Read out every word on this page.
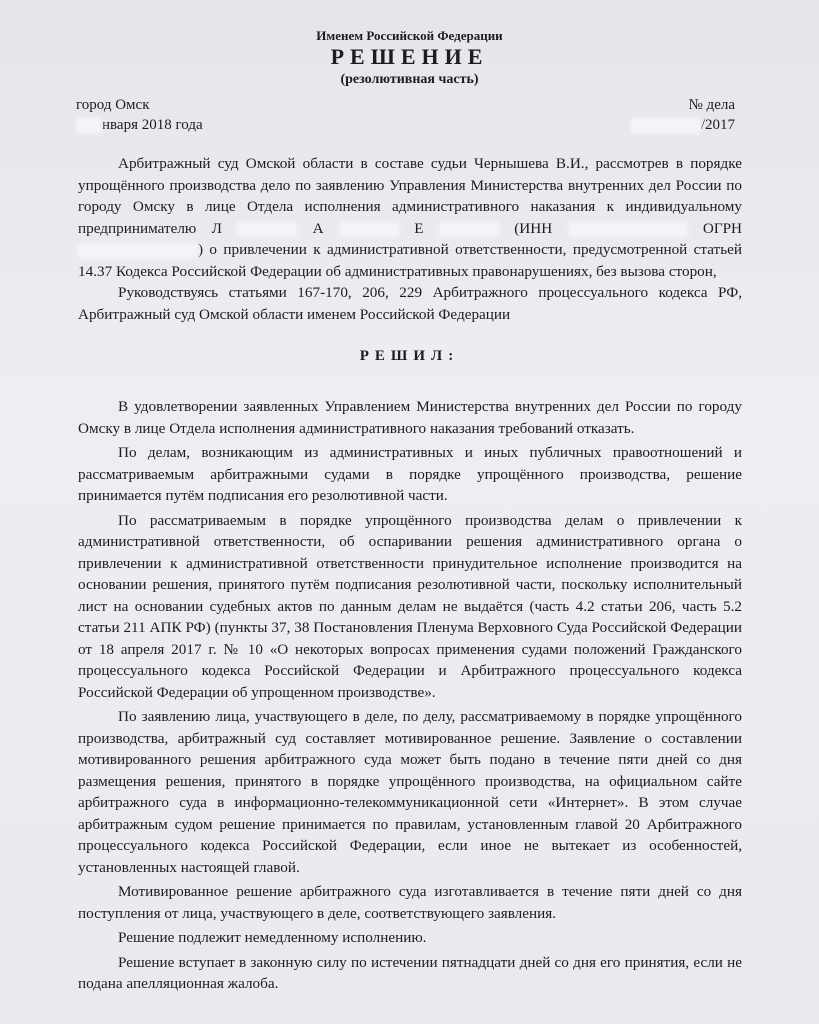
Именем Российской Федерации
РЕШЕНИЕ
(резолютивная часть)
город Омск
нваря 2018 года
№ дела
/2017

Арбитражный суд Омской области в составе судьи Чернышева В.И., рассмотрев в порядке упрощённого производства дело по заявлению Управления Министерства внутренних дел России по городу Омску в лице Отдела исполнения административного наказания к индивидуальному предпринимателю Л	А	Е	(ИНН	ОГРН ) о привлечении к административной ответственности, предусмотренной статьей 14.37 Кодекса Российской Федерации об административных правонарушениях, без вызова сторон,

Руководствуясь статьями 167-170, 206, 229 Арбитражного процессуального кодекса РФ, Арбитражный суд Омской области именем Российской Федерации

РЕШИЛ:

В удовлетворении заявленных Управлением Министерства внутренних дел России по городу Омску в лице Отдела исполнения административного наказания требований отказать.

По делам, возникающим из административных и иных публичных правоотношений и рассматриваемым арбитражными судами в порядке упрощённого производства, решение принимается путём подписания его резолютивной части.

По рассматриваемым в порядке упрощённого производства делам о привлечении к административной ответственности, об оспаривании решения административного органа о привлечении к административной ответственности принудительное исполнение производится на основании решения, принятого путём подписания резолютивной части, поскольку исполнительный лист на основании судебных актов по данным делам не выдаётся (часть 4.2 статьи 206, часть 5.2 статьи 211 АПК РФ) (пункты 37, 38 Постановления Пленума Верховного Суда Российской Федерации от 18 апреля 2017 г. № 10 «О некоторых вопросах применения судами положений Гражданского процессуального кодекса Российской Федерации и Арбитражного процессуального кодекса Российской Федерации об упрощенном производстве».

По заявлению лица, участвующего в деле, по делу, рассматриваемому в порядке упрощённого производства, арбитражный суд составляет мотивированное решение. Заявление о составлении мотивированного решения арбитражного суда может быть подано в течение пяти дней со дня размещения решения, принятого в порядке упрощённого производства, на официальном сайте арбитражного суда в информационно-телекоммуникационной сети «Интернет». В этом случае арбитражным судом решение принимается по правилам, установленным главой 20 Арбитражного процессуального кодекса Российской Федерации, если иное не вытекает из особенностей, установленных настоящей главой.

Мотивированное решение арбитражного суда изготавливается в течение пяти дней со дня поступления от лица, участвующего в деле, соответствующего заявления.

Решение подлежит немедленному исполнению.

Решение вступает в законную силу по истечении пятнадцати дней со дня его принятия, если не подана апелляционная жалоба.
